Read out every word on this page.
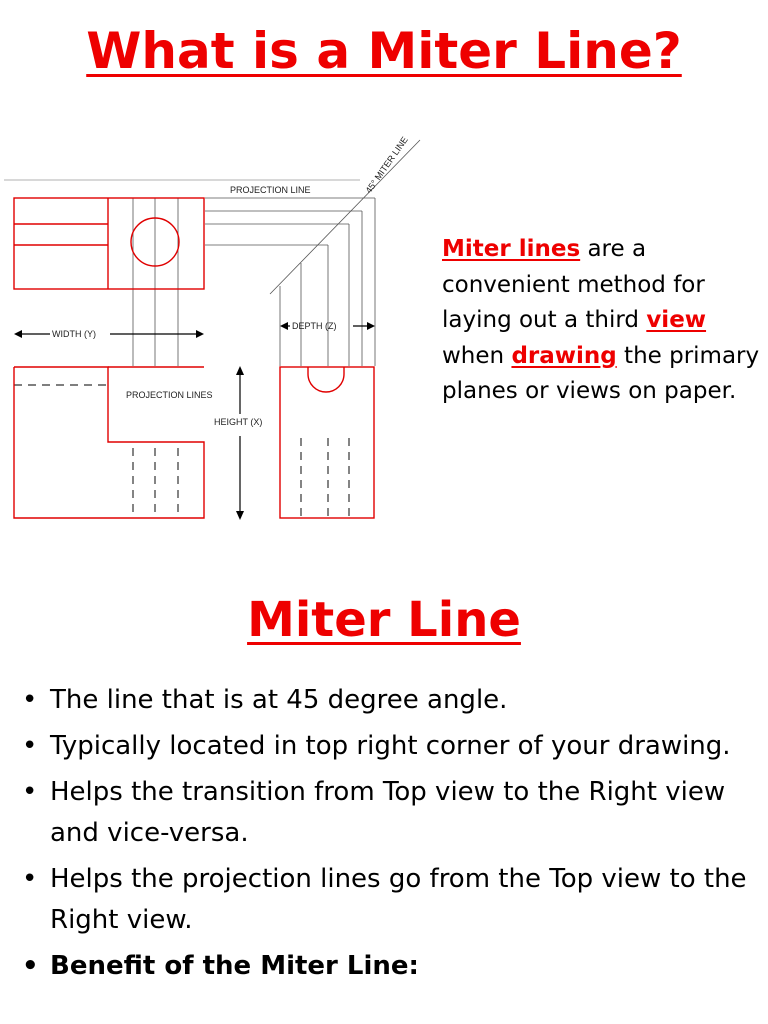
What is a Miter Line?
PROJECTION LINE	45° MITER LINE
WIDTH (Y)
DEPTH (Z)
PROJECTION LINES
HEIGHT (X)
Miter lines are a convenient method for laying out a third view when drawing the primary planes or views on paper.
Miter Line
• The line that is at 45 degree angle.
• Typically located in top right corner of your drawing.
• Helps the transition from Top view to the Right view and vice-versa.
• Helps the projection lines go from the Top view to the Right view.
• Benefit of the Miter Line:
